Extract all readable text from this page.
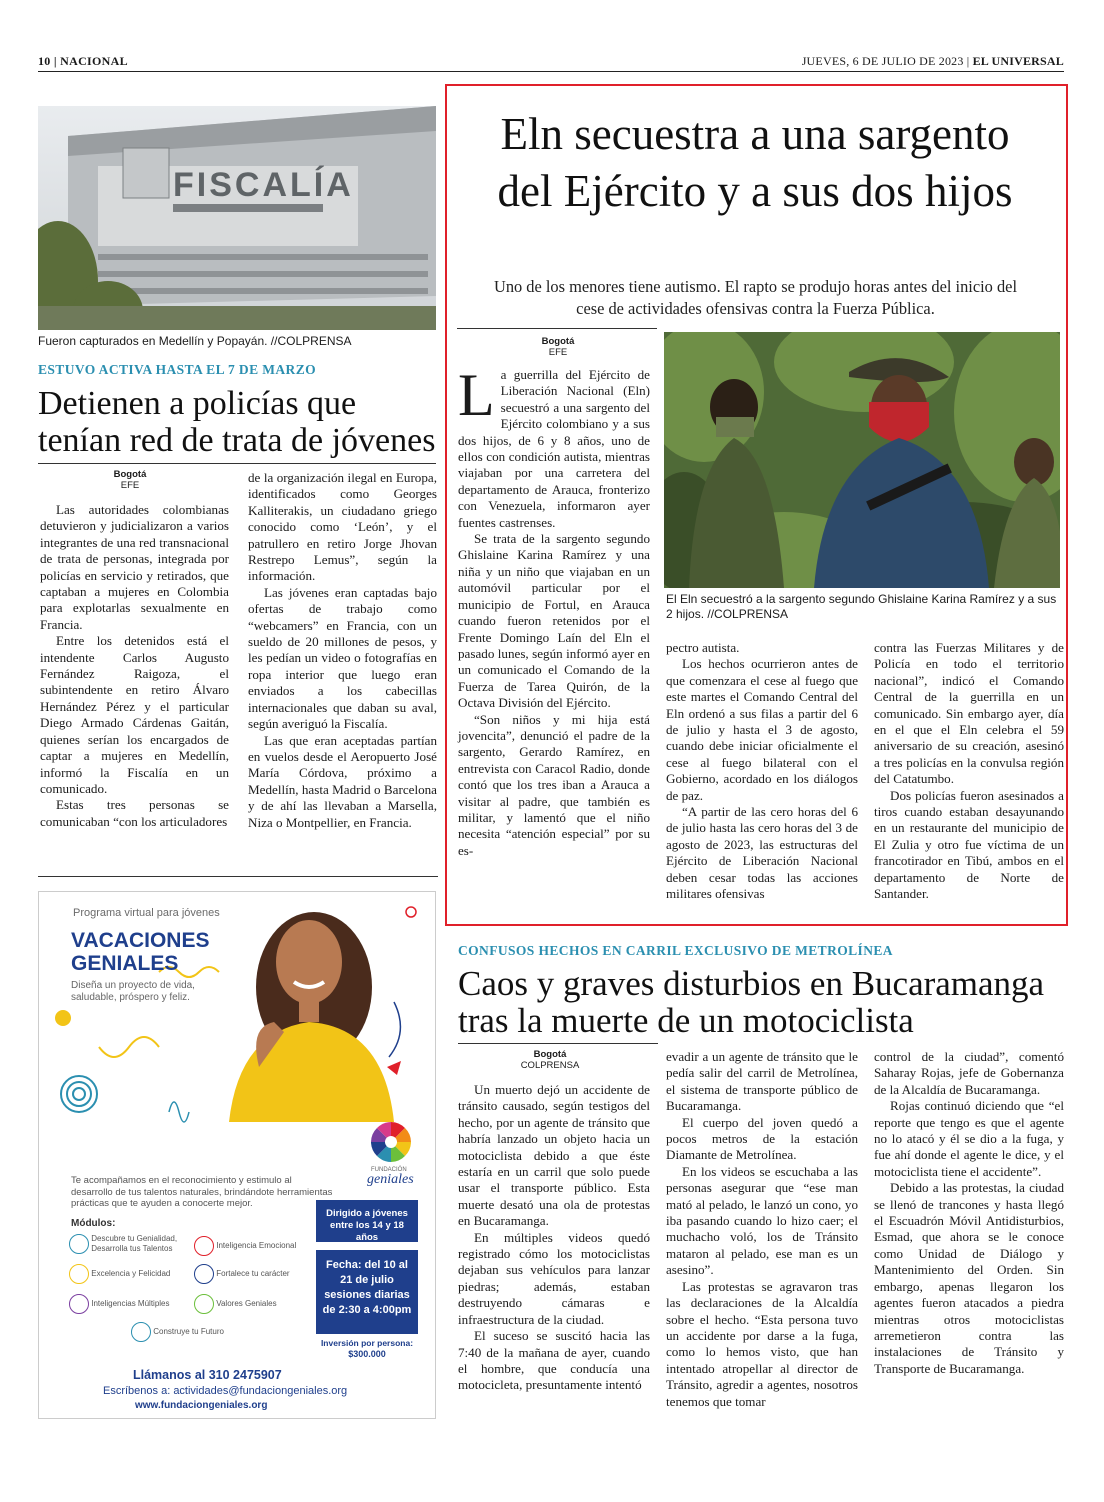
10 | NACIONAL	JUEVES, 6 DE JULIO DE 2023 | EL UNIVERSAL
FISCALÍA
Fueron capturados en Medellín y Popayán. //COLPRENSA
ESTUVO ACTIVA HASTA EL 7 DE MARZO
Detienen a policías que tenían red de trata de jóvenes
Bogotá
EFE

Las autoridades colombianas detuvieron y judicializaron a varios integrantes de una red transnacional de trata de personas, integrada por policías en servicio y retirados, que captaban a mujeres en Colombia para explotarlas sexualmente en Francia.

Entre los detenidos está el intendente Carlos Augusto Fernández Raigoza, el subintendente en retiro Álvaro Hernández Pérez y el particular Diego Armado Cárdenas Gaitán, quienes serían los encargados de captar a mujeres en Medellín, informó la Fiscalía en un comunicado.

Estas tres personas se comunicaban “con los articuladores

de la organización ilegal en Europa, identificados como Georges Kalliterakis, un ciudadano griego conocido como ‘León’, y el patrullero en retiro Jorge Jhovan Restrepo Lemus”, según la información.

Las jóvenes eran captadas bajo ofertas de trabajo como “webcamers” en Francia, con un sueldo de 20 millones de pesos, y les pedían un video o fotografías en ropa interior que luego eran enviados a los cabecillas internacionales que daban su aval, según averiguó la Fiscalía.

Las que eran aceptadas partían en vuelos desde el Aeropuerto José María Córdova, próximo a Medellín, hasta Madrid o Barcelona y de ahí las llevaban a Marsella, Niza o Montpellier, en Francia.

Programa virtual para jóvenes
VACACIONES
GENIALES
Diseña un proyecto de vida, saludable, próspero y feliz.
FUNDACIÓN
geniales
Te acompañamos en el reconocimiento y estimulo al desarrollo de tus talentos naturales, brindándote herramientas prácticas que te ayuden a conocerte mejor.
Módulos:
Descubre tu Genialidad, Desarrolla tus Talentos	Inteligencia Emocional
Excelencia y Felicidad	Fortalece tu carácter
Inteligencias Múltiples	Valores Geniales
Construye tu Futuro
Dirigido a jóvenes entre los 14 y 18 años
Fecha: del 10 al 21 de julio sesiones diarias de 2:30 a 4:00pm
Inversión por persona:
$300.000
Llámanos al 310 2475907
Escríbenos a: actividades@fundaciongeniales.org
www.fundaciongeniales.org
Eln secuestra a una sargento del Ejército y a sus dos hijos
Uno de los menores tiene autismo. El rapto se produjo horas antes del inicio del cese de actividades ofensivas contra la Fuerza Pública.
Bogotá
EFE

La guerrilla del Ejército de Liberación Nacional (Eln) secuestró a una sargento del Ejército colombiano y a sus dos hijos, de 6 y 8 años, uno de ellos con condición autista, mientras viajaban por una carretera del departamento de Arauca, fronterizo con Venezuela, informaron ayer fuentes castrenses.

Se trata de la sargento segundo Ghislaine Karina Ramírez y una niña y un niño que viajaban en un automóvil particular por el municipio de Fortul, en Arauca cuando fueron retenidos por el Frente Domingo Laín del Eln el pasado lunes, según informó ayer en un comunicado el Comando de la Fuerza de Tarea Quirón, de la Octava División del Ejército.

“Son niños y mi hija está jovencita”, denunció el padre de la sargento, Gerardo Ramírez, en entrevista con Caracol Radio, donde contó que los tres iban a Arauca a visitar al padre, que también es militar, y lamentó que el niño necesita “atención especial” por su es-

El Eln secuestró a la sargento segundo Ghislaine Karina Ramírez y a sus 2 hijos. //COLPRENSA

pectro autista.

Los hechos ocurrieron antes de que comenzara el cese al fuego que este martes el Comando Central del Eln ordenó a sus filas a partir del 6 de julio y hasta el 3 de agosto, cuando debe iniciar oficialmente el cese al fuego bilateral con el Gobierno, acordado en los diálogos de paz.

“A partir de las cero horas del 6 de julio hasta las cero horas del 3 de agosto de 2023, las estructuras del Ejército de Liberación Nacional deben cesar todas las acciones militares ofensivas

contra las Fuerzas Militares y de Policía en todo el territorio nacional”, indicó el Comando Central de la guerrilla en un comunicado. Sin embargo ayer, día en el que el Eln celebra el 59 aniversario de su creación, asesinó a tres policías en la convulsa región del Catatumbo.

Dos policías fueron asesinados a tiros cuando estaban desayunando en un restaurante del municipio de El Zulia y otro fue víctima de un francotirador en Tibú, ambos en el departamento de Norte de Santander.

CONFUSOS HECHOS EN CARRIL EXCLUSIVO DE METROLÍNEA
Caos y graves disturbios en Bucaramanga tras la muerte de un motociclista
Bogotá
COLPRENSA

Un muerto dejó un accidente de tránsito causado, según testigos del hecho, por un agente de tránsito que habría lanzado un objeto hacia un motociclista debido a que éste estaría en un carril que solo puede usar el transporte público. Esta muerte desató una ola de protestas en Bucaramanga.

En múltiples videos quedó registrado cómo los motociclistas dejaban sus vehículos para lanzar piedras; además, estaban destruyendo cámaras e infraestructura de la ciudad.

El suceso se suscitó hacia las 7:40 de la mañana de ayer, cuando el hombre, que conducía una motocicleta, presuntamente intentó

evadir a un agente de tránsito que le pedía salir del carril de Metrolínea, el sistema de transporte público de Bucaramanga.

El cuerpo del joven quedó a pocos metros de la estación Diamante de Metrolínea.

En los videos se escuchaba a las personas asegurar que “ese man mató al pelado, le lanzó un cono, yo iba pasando cuando lo hizo caer; el muchacho voló, los de Tránsito mataron al pelado, ese man es un asesino”.

Las protestas se agravaron tras las declaraciones de la Alcaldía sobre el hecho. “Esta persona tuvo un accidente por darse a la fuga, como lo hemos visto, que han intentado atropellar al director de Tránsito, agredir a agentes, nosotros tenemos que tomar

control de la ciudad”, comentó Saharay Rojas, jefe de Gobernanza de la Alcaldía de Bucaramanga.

Rojas continuó diciendo que “el reporte que tengo es que el agente no lo atacó y él se dio a la fuga, y fue ahí donde el agente le dice, y el motociclista tiene el accidente”.

Debido a las protestas, la ciudad se llenó de trancones y hasta llegó el Escuadrón Móvil Antidisturbios, Esmad, que ahora se le conoce como Unidad de Diálogo y Mantenimiento del Orden. Sin embargo, apenas llegaron los agentes fueron atacados a piedra mientras otros motociclistas arremetieron contra las instalaciones de Tránsito y Transporte de Bucaramanga.
